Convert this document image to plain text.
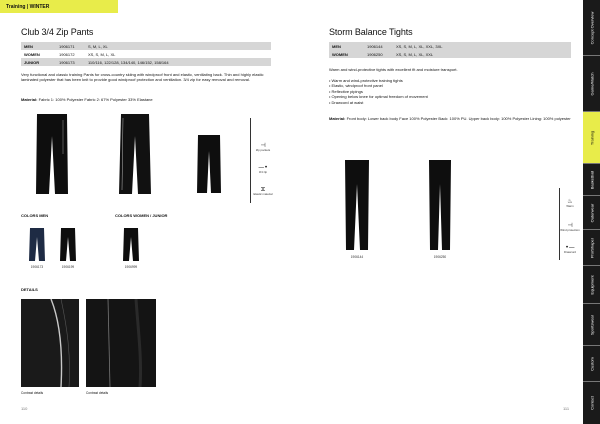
Training | WINTER
Club 3/4 Zip Pants
MEN	1906171	S, M, L, XL
WOMEN	1906172	XS, S, M, L, XL
JUNIOR	1906173	110/116, 122/128, 134/140, 146/152, 158/164
Very functional and classic training Pants for cross-country skiing with windproof front and elastic, ventilating back. Thin and highly elastic laminated polyester that has been knit to provide good windproof protection and ventilation. 3/4 zip for easy removal and removal.
Material: Fabric 1: 100% Polyester Fabric 2: 67% Polyester 33% Elastane
⊣
Zip pockets
—•
3/4 zip
⧖
Elastic material
COLORS MEN	COLORS WOMEN / JUNIOR
1906173	1906199	1906999
DETAILS
Contrast details	Contrast details
110
Storm Balance Tights
MEN	1906144	XS, S, M, L, XL, XXL, 3XL
WOMEN	1906250	XS, S, M, L, XL, XXL
Warm and wind-protective tights with excellent fit and moisture transport.
• Warm and wind-protective training tights
• Elastic, windproof front panel
• Reflective pipings
• Opening below knee for optimal freedom of movement
• Drawcord at waist
Material: Front body: Lower back body Face 100% Polyester Back: 100% PU. Upper back body: 100% Polyester Lining: 100% polyester
1906144	1906250
♨
Warm
⊣
Wind protection
•—
Drawcord
111
Concept Overview
Game/Match
Training
Basketball
Outerwear
Pro/Shaper
Equipment
Sportswear
Custom
Contact
